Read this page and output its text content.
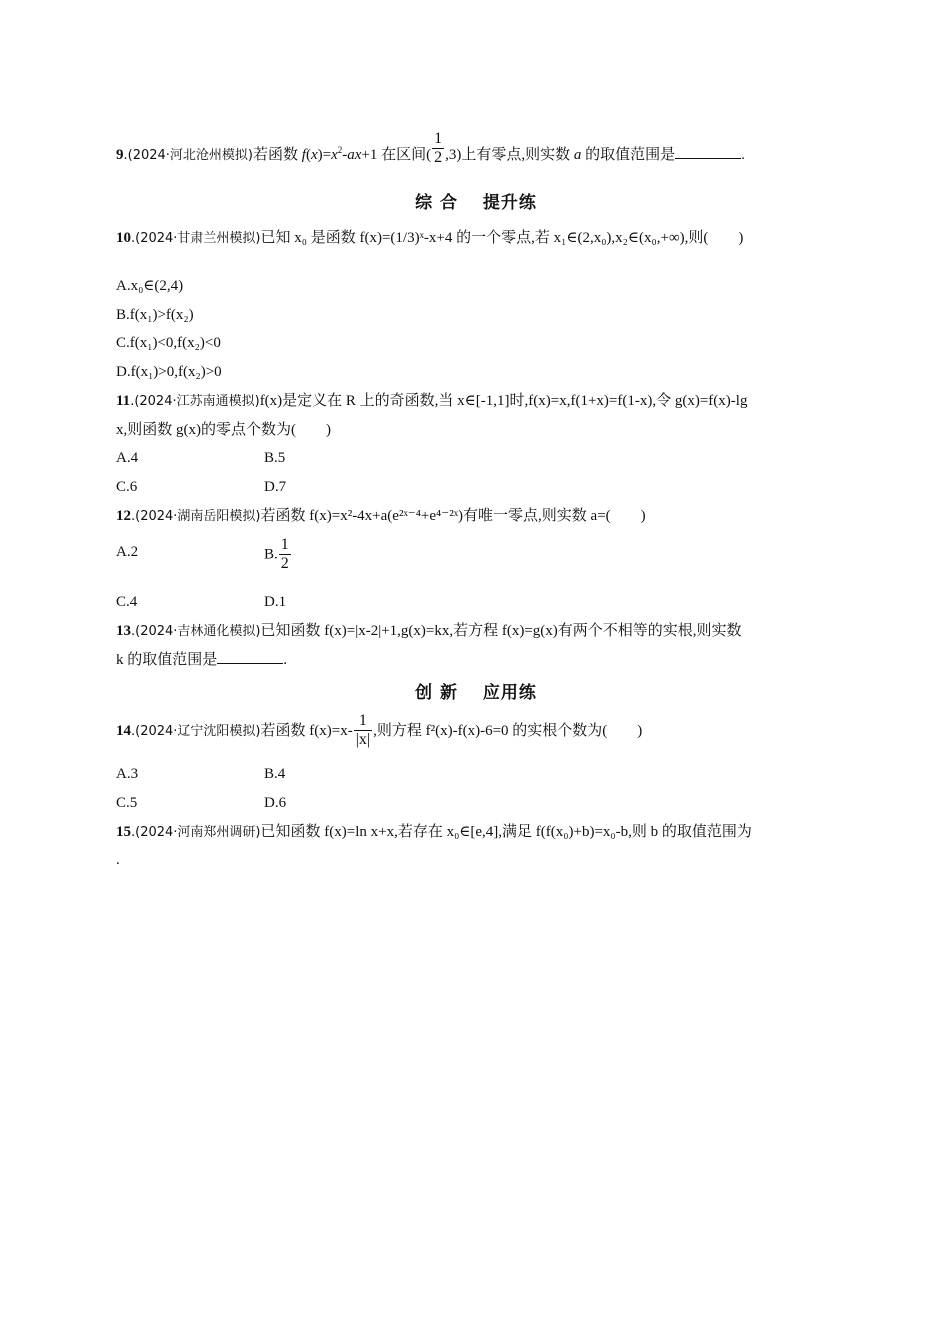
9.(2024·河北沧州模拟)若函数 $f(x)=x^2-ax+1$ 在区间( $\frac{1}{2} ,3$)上有零点,则实数 a 的取值范围是	.
综 合　 提升练
10.(2024·甘肃兰州模拟)已知 x₀ 是函数 f(x)=(1/3)ˣ-x+4 的一个零点,若 x₁∈(2,x₀),x₂∈(x₀,+∞),则(　　)
A.x₀∈(2,4)
B.f(x₁)>f(x₂)
C.f(x₁)<0,f(x₂)<0
D.f(x₁)>0,f(x₂)>0
11.(2024·江苏南通模拟)f(x)是定义在 R 上的奇函数,当 x∈[-1,1]时,f(x)=x,f(1+x)=f(1-x),令 g(x)=f(x)-lg
x,则函数 g(x)的零点个数为(　　)
A.4	B.5
C.6	D.7
12.(2024·湖南岳阳模拟)若函数 f(x)=x²-4x+a(e²ˣ⁻⁴+e⁴⁻²ˣ)有唯一零点,则实数 a=(　　)
A.2	B. $\frac{1}{2}$
C.4	D.1
13.(2024·吉林通化模拟)已知函数 f(x)=|x-2|+1,g(x)=kx,若方程 f(x)=g(x)有两个不相等的实根,则实数
k 的取值范围是	.
创 新　 应用练
14.(2024·辽宁沈阳模拟)若函数 $f(x)=x- \frac{1}{|x|}$ ,则方程 f²(x)-f(x)-6=0 的实根个数为(　　)
A.3	B.4
C.5	D.6
15.(2024·河南郑州调研)已知函数 f(x)=ln x+x,若存在 x₀∈[e,4],满足 f(f(x₀)+b)=x₀-b,则 b 的取值范围为
.
